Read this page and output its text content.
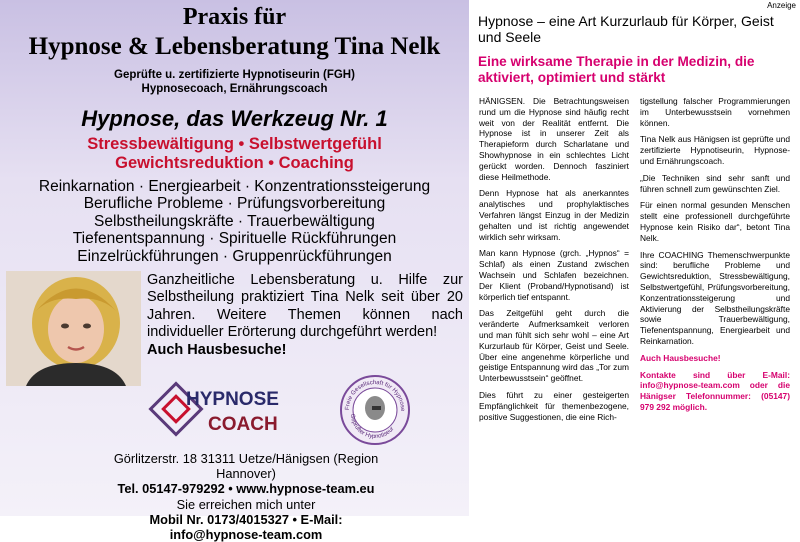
Praxis für
Hypnose & Lebensberatung Tina Nelk
Geprüfte u. zertifizierte Hypnotiseurin (FGH)
Hypnosecoach, Ernährungscoach
Hypnose, das Werkzeug Nr. 1
Stressbewältigung • Selbstwertgefühl
Gewichtsreduktion • Coaching
Reinkarnation · Energiearbeit · Konzentrationssteigerung
Berufliche Probleme · Prüfungsvorbereitung
Selbstheilungskräfte · Trauerbewältigung
Tiefenentspannung · Spirituelle Rückführungen
Einzelrückführungen · Gruppenrückführungen
Ganzheitliche Lebensberatung u. Hilfe zur Selbstheilung praktiziert Tina Nelk seit über 20 Jahren. Weitere Themen können nach individueller Erörterung durchgeführt werden!
Auch Hausbesuche!
HYPNOSE
COACH
Freie Gesellschaft für Hypnose
Geprüfter Hypnotiseur
Görlitzerstr. 18 31311 Uetze/Hänigsen (Region Hannover)
Tel. 05147-979292 • www.hypnose-team.eu
Sie erreichen mich unter
Mobil Nr. 0173/4015327 • E-Mail: info@hypnose-team.com
Anzeige
Hypnose – eine Art Kurzurlaub für Körper, Geist und Seele
Eine wirksame Therapie in der Medizin, die aktiviert, optimiert und stärkt

HÄNIGSEN. Die Betrachtungsweisen rund um die Hypnose sind häufig recht weit von der Realität entfernt. Die Hypnose ist in unserer Zeit als Therapieform durch Scharlatane und Showhypnose in ein schlechtes Licht gerückt worden. Dennoch fasziniert diese Heilmethode.

Denn Hypnose hat als anerkanntes analytisches und prophylaktisches Verfahren längst Einzug in der Medizin gehalten und ist richtig angewendet wirklich sehr wirksam.

Man kann Hypnose (grch. „Hypnos“ = Schlaf) als einen Zustand zwischen Wachsein und Schlafen bezeichnen. Der Klient (Proband/Hypnotisand) ist körperlich tief entspannt.

Das Zeitgefühl geht durch die veränderte Aufmerksamkeit verloren und man fühlt sich sehr wohl – eine Art Kurzurlaub für Körper, Geist und Seele. Über eine angenehme körperliche und geistige Entspannung wird das „Tor zum Unterbewusstsein“ geöffnet.

Dies führt zu einer gesteigerten Empfänglichkeit für themenbezogene, positive Suggestionen, die eine Rich-

tigstellung falscher Programmierungen im Unterbewusstsein vornehmen können.

Tina Nelk aus Hänigsen ist geprüfte und zertifizierte Hypnotiseurin, Hypnose- und Ernährungscoach.

„Die Techniken sind sehr sanft und führen schnell zum gewünschten Ziel.

Für einen normal gesunden Menschen stellt eine professionell durchgeführte Hypnose kein Risiko dar“, betont Tina Nelk.

Ihre COACHING Themenschwerpunkte sind: berufliche Probleme und Gewichtsreduktion, Stressbewältigung, Selbstwertgefühl, Prüfungsvorbereitung, Konzentrationssteigerung und Aktivierung der Selbstheilungskräfte sowie Trauerbewältigung, Tiefenentspannung, Energiearbeit und Reinkarnation.

Auch Hausbesuche!

Kontakte sind über E-Mail: info@hypnose-team.com oder die Hänigser Telefonnummer: (05147) 979 292 möglich.
